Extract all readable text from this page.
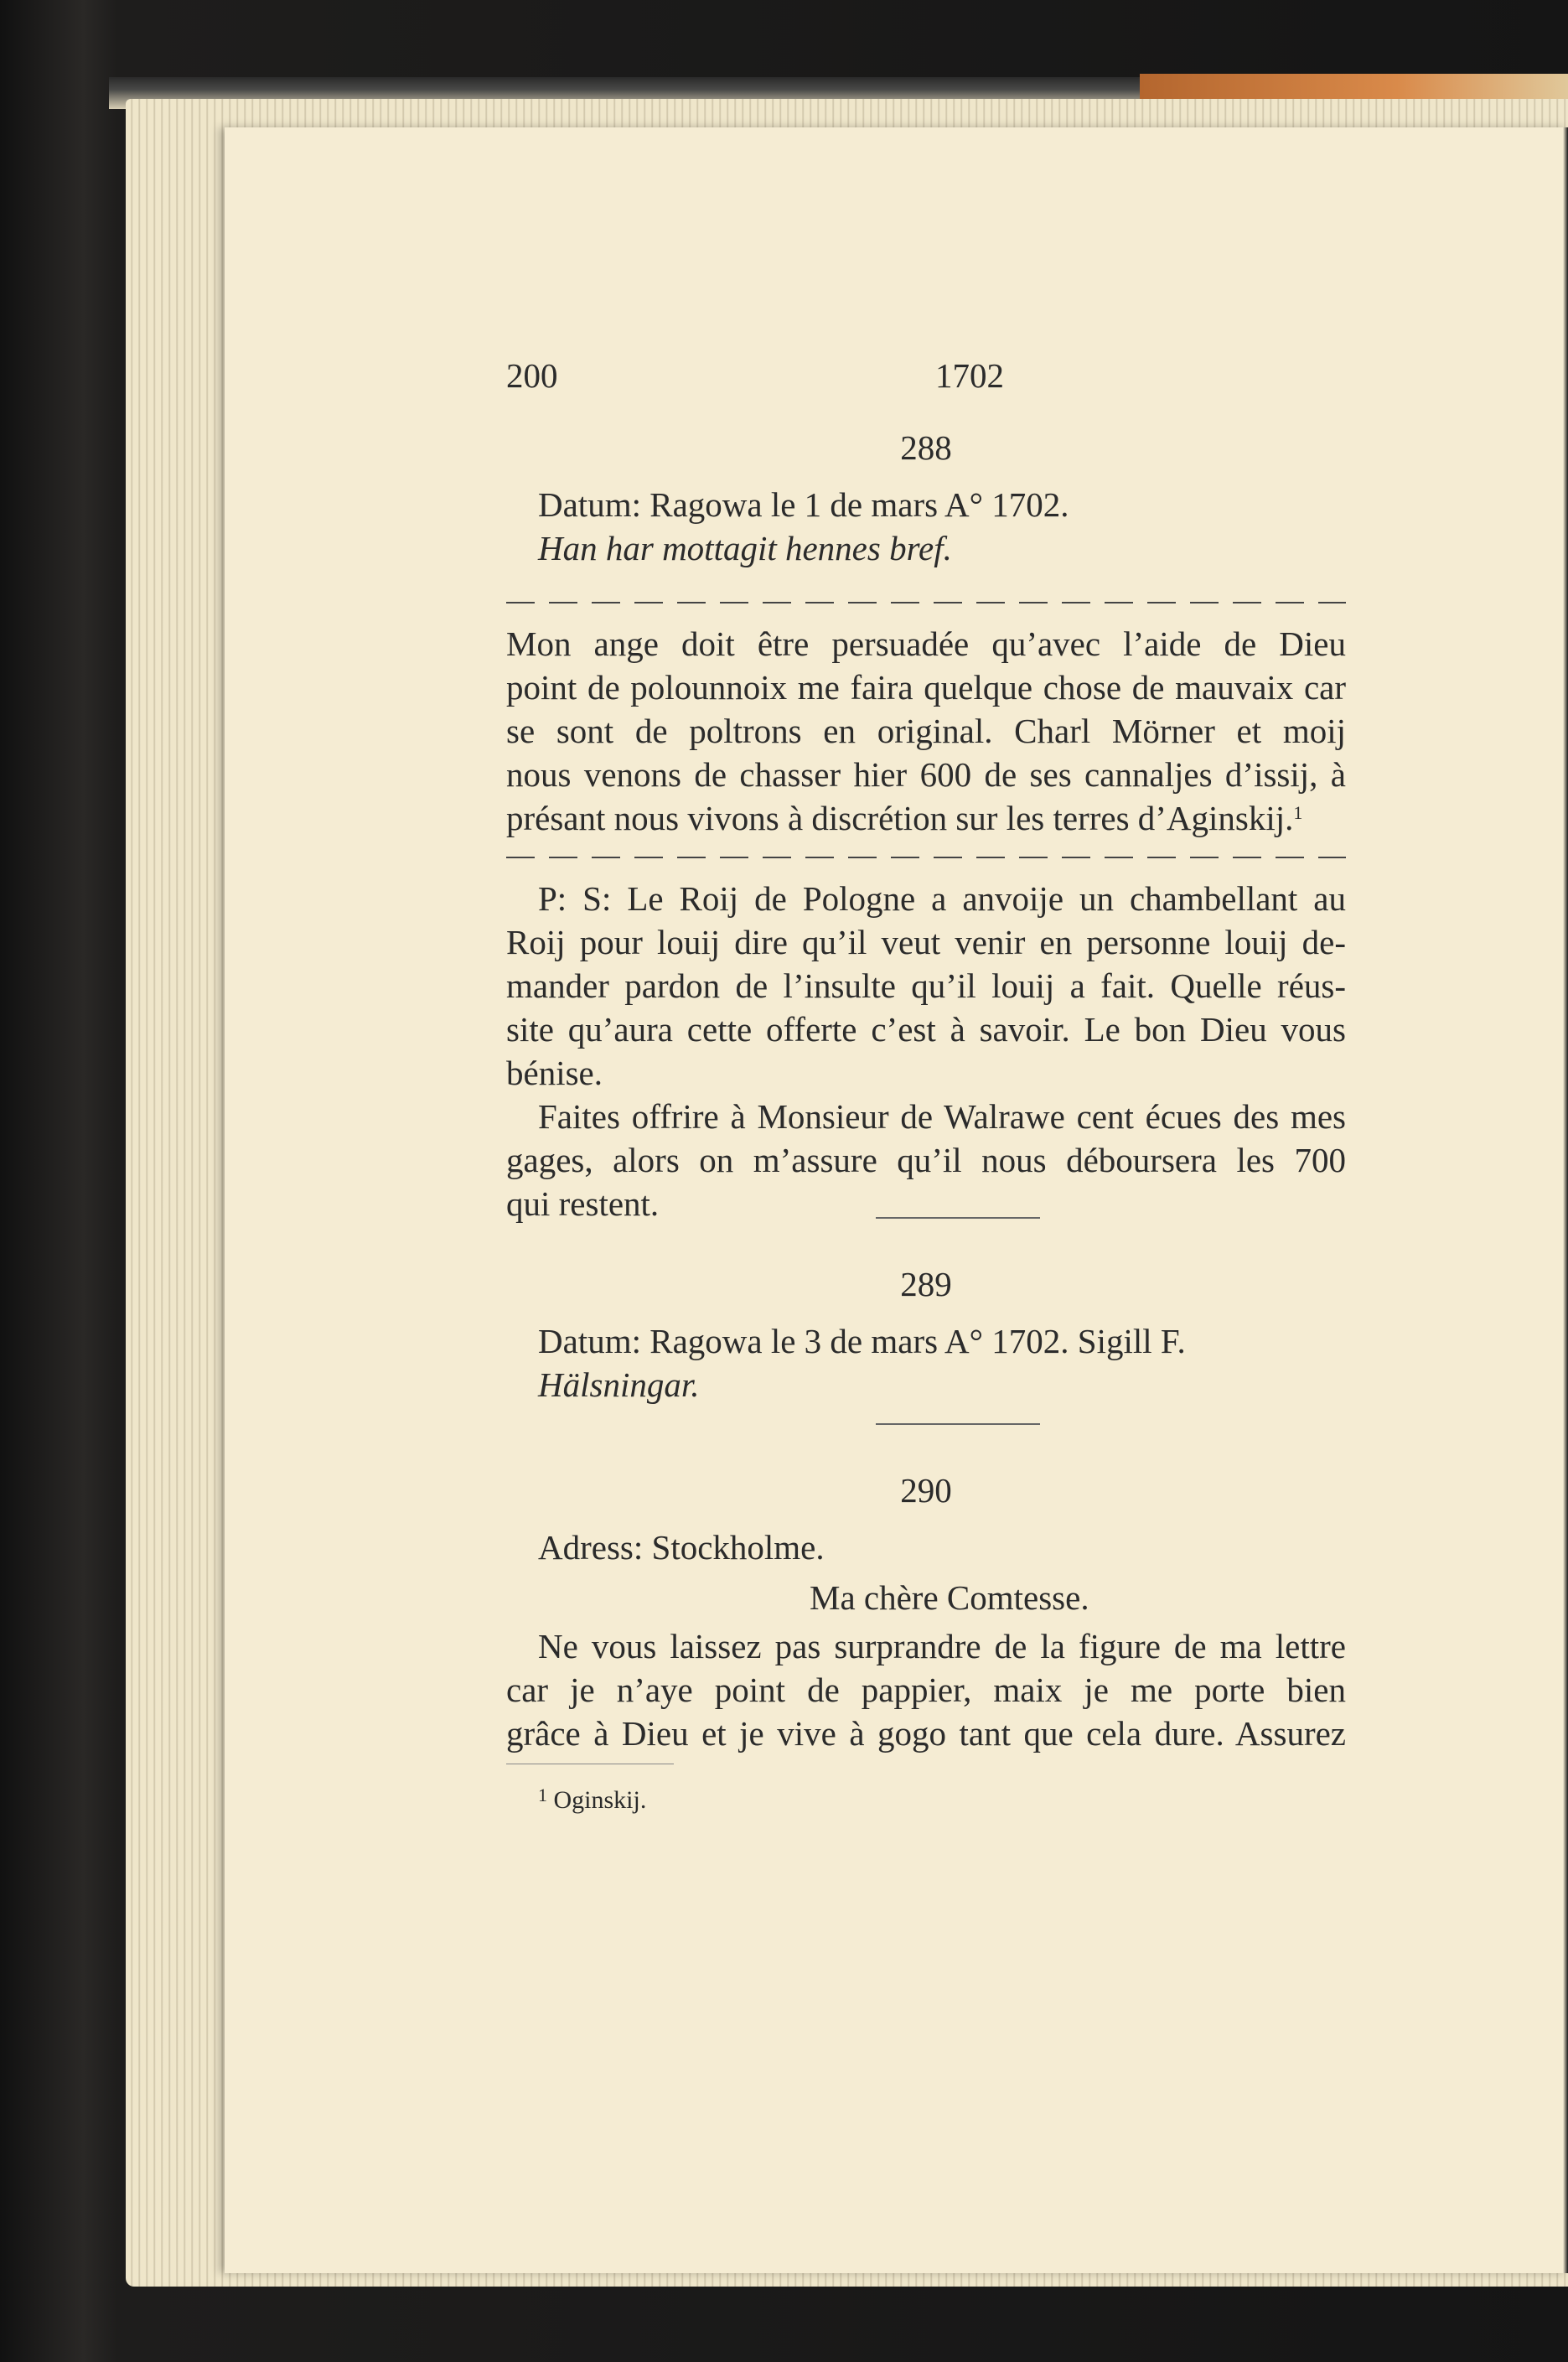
200	1702
288
Datum: Ragowa le 1 de mars A° 1702.
Han har mottagit hennes bref.
Mon ange doit être persuadée qu’avec l’aide de Dieu
point de polounnoix me faira quelque chose de mauvaix car
se sont de poltrons en original. Charl Mörner et moij
nous venons de chasser hier 600 de ses cannaljes d’issij, à
présant nous vivons à discrétion sur les terres d’Aginskij.$^1$
P: S: Le Roij de Pologne a anvoije un chambellant au
Roij pour louij dire qu’il veut venir en personne louij de-
mander pardon de l’insulte qu’il louij a fait. Quelle réus-
site qu’aura cette offerte c’est à savoir. Le bon Dieu vous
bénise.
Faites offrire à Monsieur de Walrawe cent écues des mes
gages, alors on m’assure qu’il nous déboursera les 700
qui restent.
289
Datum: Ragowa le 3 de mars A° 1702. Sigill F.
Hälsningar.
290
Adress: Stockholme.
Ma chère Comtesse.
Ne vous laissez pas surprandre de la figure de ma lettre
car je n’aye point de pappier, maix je me porte bien
grâce à Dieu et je vive à gogo tant que cela dure. Assurez
$^1$ Oginskij.
